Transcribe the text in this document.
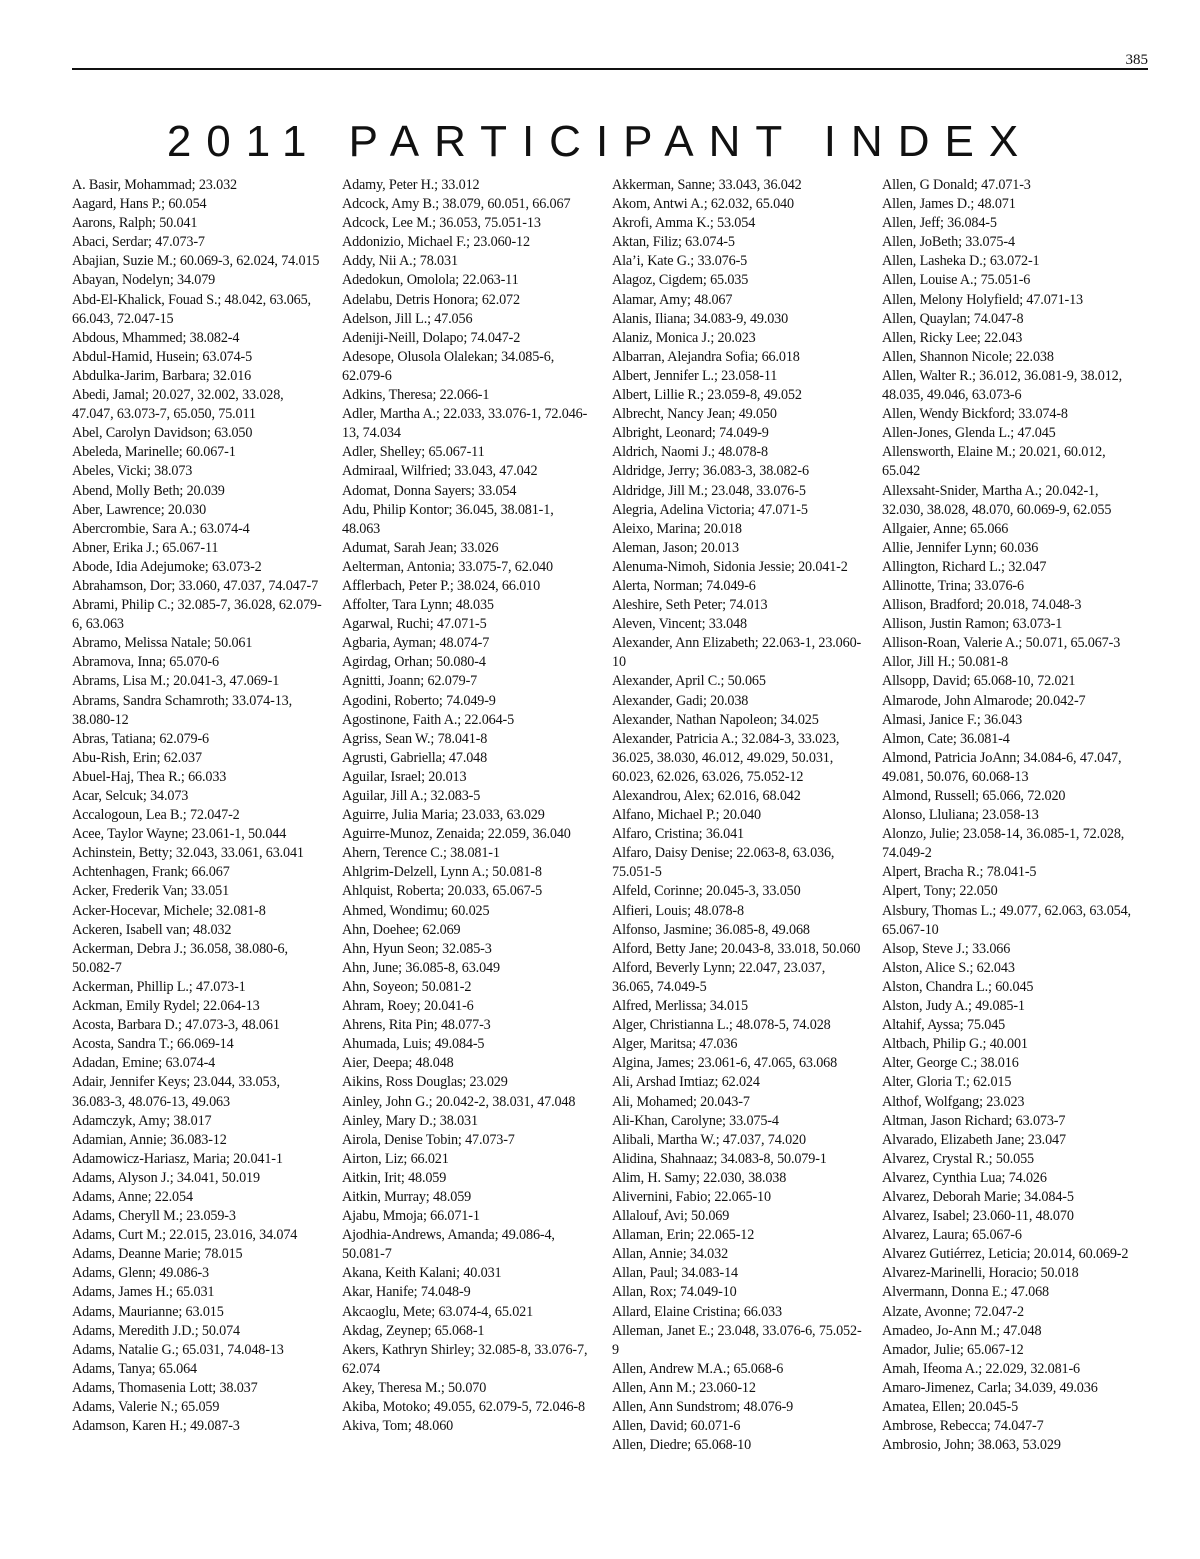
385
2011 PARTICIPANT INDEX

A. Basir, Mohammad; 23.032

Aagard, Hans P.; 60.054

Aarons, Ralph; 50.041

Abaci, Serdar; 47.073-7

Abajian, Suzie M.; 60.069-3, 62.024, 74.015

Abayan, Nodelyn; 34.079

Abd-El-Khalick, Fouad S.; 48.042, 63.065, 66.043, 72.047-15

Abdous, Mhammed; 38.082-4

Abdul-Hamid, Husein; 63.074-5

Abdulka-Jarim, Barbara; 32.016

Abedi, Jamal; 20.027, 32.002, 33.028, 47.047, 63.073-7, 65.050, 75.011

Abel, Carolyn Davidson; 63.050

Abeleda, Marinelle; 60.067-1

Abeles, Vicki; 38.073

Abend, Molly Beth; 20.039

Aber, Lawrence; 20.030

Abercrombie, Sara A.; 63.074-4

Abner, Erika J.; 65.067-11

Abode, Idia Adejumoke; 63.073-2

Abrahamson, Dor; 33.060, 47.037, 74.047-7

Abrami, Philip C.; 32.085-7, 36.028, 62.079-6, 63.063

Abramo, Melissa Natale; 50.061

Abramova, Inna; 65.070-6

Abrams, Lisa M.; 20.041-3, 47.069-1

Abrams, Sandra Schamroth; 33.074-13, 38.080-12

Abras, Tatiana; 62.079-6

Abu-Rish, Erin; 62.037

Abuel-Haj, Thea R.; 66.033

Acar, Selcuk; 34.073

Accalogoun, Lea B.; 72.047-2

Acee, Taylor Wayne; 23.061-1, 50.044

Achinstein, Betty; 32.043, 33.061, 63.041

Achtenhagen, Frank; 66.067

Acker, Frederik Van; 33.051

Acker-Hocevar, Michele; 32.081-8

Ackeren, Isabell van; 48.032

Ackerman, Debra J.; 36.058, 38.080-6, 50.082-7

Ackerman, Phillip L.; 47.073-1

Ackman, Emily Rydel; 22.064-13

Acosta, Barbara D.; 47.073-3, 48.061

Acosta, Sandra T.; 66.069-14

Adadan, Emine; 63.074-4

Adair, Jennifer Keys; 23.044, 33.053, 36.083-3, 48.076-13, 49.063

Adamczyk, Amy; 38.017

Adamian, Annie; 36.083-12

Adamowicz-Hariasz, Maria; 20.041-1

Adams, Alyson J.; 34.041, 50.019

Adams, Anne; 22.054

Adams, Cheryll M.; 23.059-3

Adams, Curt M.; 22.015, 23.016, 34.074

Adams, Deanne Marie; 78.015

Adams, Glenn; 49.086-3

Adams, James H.; 65.031

Adams, Maurianne; 63.015

Adams, Meredith J.D.; 50.074

Adams, Natalie G.; 65.031, 74.048-13

Adams, Tanya; 65.064

Adams, Thomasenia Lott; 38.037

Adams, Valerie N.; 65.059

Adamson, Karen H.; 49.087-3

Adamy, Peter H.; 33.012

Adcock, Amy B.; 38.079, 60.051, 66.067

Adcock, Lee M.; 36.053, 75.051-13

Addonizio, Michael F.; 23.060-12

Addy, Nii A.; 78.031

Adedokun, Omolola; 22.063-11

Adelabu, Detris Honora; 62.072

Adelson, Jill L.; 47.056

Adeniji-Neill, Dolapo; 74.047-2

Adesope, Olusola Olalekan; 34.085-6, 62.079-6

Adkins, Theresa; 22.066-1

Adler, Martha A.; 22.033, 33.076-1, 72.046-13, 74.034

Adler, Shelley; 65.067-11

Admiraal, Wilfried; 33.043, 47.042

Adomat, Donna Sayers; 33.054

Adu, Philip Kontor; 36.045, 38.081-1, 48.063

Adumat, Sarah Jean; 33.026

Aelterman, Antonia; 33.075-7, 62.040

Afflerbach, Peter P.; 38.024, 66.010

Affolter, Tara Lynn; 48.035

Agarwal, Ruchi; 47.071-5

Agbaria, Ayman; 48.074-7

Agirdag, Orhan; 50.080-4

Agnitti, Joann; 62.079-7

Agodini, Roberto; 74.049-9

Agostinone, Faith A.; 22.064-5

Agriss, Sean W.; 78.041-8

Agrusti, Gabriella; 47.048

Aguilar, Israel; 20.013

Aguilar, Jill A.; 32.083-5

Aguirre, Julia Maria; 23.033, 63.029

Aguirre-Munoz, Zenaida; 22.059, 36.040

Ahern, Terence C.; 38.081-1

Ahlgrim-Delzell, Lynn A.; 50.081-8

Ahlquist, Roberta; 20.033, 65.067-5

Ahmed, Wondimu; 60.025

Ahn, Doehee; 62.069

Ahn, Hyun Seon; 32.085-3

Ahn, June; 36.085-8, 63.049

Ahn, Soyeon; 50.081-2

Ahram, Roey; 20.041-6

Ahrens, Rita Pin; 48.077-3

Ahumada, Luis; 49.084-5

Aier, Deepa; 48.048

Aikins, Ross Douglas; 23.029

Ainley, John G.; 20.042-2, 38.031, 47.048

Ainley, Mary D.; 38.031

Airola, Denise Tobin; 47.073-7

Airton, Liz; 66.021

Aitkin, Irit; 48.059

Aitkin, Murray; 48.059

Ajabu, Mmoja; 66.071-1

Ajodhia-Andrews, Amanda; 49.086-4, 50.081-7

Akana, Keith Kalani; 40.031

Akar, Hanife; 74.048-9

Akcaoglu, Mete; 63.074-4, 65.021

Akdag, Zeynep; 65.068-1

Akers, Kathryn Shirley; 32.085-8, 33.076-7, 62.074

Akey, Theresa M.; 50.070

Akiba, Motoko; 49.055, 62.079-5, 72.046-8

Akiva, Tom; 48.060

Akkerman, Sanne; 33.043, 36.042

Akom, Antwi A.; 62.032, 65.040

Akrofi, Amma K.; 53.054

Aktan, Filiz; 63.074-5

Ala’i, Kate G.; 33.076-5

Alagoz, Cigdem; 65.035

Alamar, Amy; 48.067

Alanis, Iliana; 34.083-9, 49.030

Alaniz, Monica J.; 20.023

Albarran, Alejandra Sofia; 66.018

Albert, Jennifer L.; 23.058-11

Albert, Lillie R.; 23.059-8, 49.052

Albrecht, Nancy Jean; 49.050

Albright, Leonard; 74.049-9

Aldrich, Naomi J.; 48.078-8

Aldridge, Jerry; 36.083-3, 38.082-6

Aldridge, Jill M.; 23.048, 33.076-5

Alegria, Adelina Victoria; 47.071-5

Aleixo, Marina; 20.018

Aleman, Jason; 20.013

Alenuma-Nimoh, Sidonia Jessie; 20.041-2

Alerta, Norman; 74.049-6

Aleshire, Seth Peter; 74.013

Aleven, Vincent; 33.048

Alexander, Ann Elizabeth; 22.063-1, 23.060-10

Alexander, April C.; 50.065

Alexander, Gadi; 20.038

Alexander, Nathan Napoleon; 34.025

Alexander, Patricia A.; 32.084-3, 33.023, 36.025, 38.030, 46.012, 49.029, 50.031, 60.023, 62.026, 63.026, 75.052-12

Alexandrou, Alex; 62.016, 68.042

Alfano, Michael P.; 20.040

Alfaro, Cristina; 36.041

Alfaro, Daisy Denise; 22.063-8, 63.036, 75.051-5

Alfeld, Corinne; 20.045-3, 33.050

Alfieri, Louis; 48.078-8

Alfonso, Jasmine; 36.085-8, 49.068

Alford, Betty Jane; 20.043-8, 33.018, 50.060

Alford, Beverly Lynn; 22.047, 23.037, 36.065, 74.049-5

Alfred, Merlissa; 34.015

Alger, Christianna L.; 48.078-5, 74.028

Alger, Maritsa; 47.036

Algina, James; 23.061-6, 47.065, 63.068

Ali, Arshad Imtiaz; 62.024

Ali, Mohamed; 20.043-7

Ali-Khan, Carolyne; 33.075-4

Alibali, Martha W.; 47.037, 74.020

Alidina, Shahnaaz; 34.083-8, 50.079-1

Alim, H. Samy; 22.030, 38.038

Alivernini, Fabio; 22.065-10

Allalouf, Avi; 50.069

Allaman, Erin; 22.065-12

Allan, Annie; 34.032

Allan, Paul; 34.083-14

Allan, Rox; 74.049-10

Allard, Elaine Cristina; 66.033

Alleman, Janet E.; 23.048, 33.076-6, 75.052-9

Allen, Andrew M.A.; 65.068-6

Allen, Ann M.; 23.060-12

Allen, Ann Sundstrom; 48.076-9

Allen, David; 60.071-6

Allen, Diedre; 65.068-10

Allen, G Donald; 47.071-3

Allen, James D.; 48.071

Allen, Jeff; 36.084-5

Allen, JoBeth; 33.075-4

Allen, Lasheka D.; 63.072-1

Allen, Louise A.; 75.051-6

Allen, Melony Holyfield; 47.071-13

Allen, Quaylan; 74.047-8

Allen, Ricky Lee; 22.043

Allen, Shannon Nicole; 22.038

Allen, Walter R.; 36.012, 36.081-9, 38.012, 48.035, 49.046, 63.073-6

Allen, Wendy Bickford; 33.074-8

Allen-Jones, Glenda L.; 47.045

Allensworth, Elaine M.; 20.021, 60.012, 65.042

Allexsaht-Snider, Martha A.; 20.042-1, 32.030, 38.028, 48.070, 60.069-9, 62.055

Allgaier, Anne; 65.066

Allie, Jennifer Lynn; 60.036

Allington, Richard L.; 32.047

Allinotte, Trina; 33.076-6

Allison, Bradford; 20.018, 74.048-3

Allison, Justin Ramon; 63.073-1

Allison-Roan, Valerie A.; 50.071, 65.067-3

Allor, Jill H.; 50.081-8

Allsopp, David; 65.068-10, 72.021

Almarode, John Almarode; 20.042-7

Almasi, Janice F.; 36.043

Almon, Cate; 36.081-4

Almond, Patricia JoAnn; 34.084-6, 47.047, 49.081, 50.076, 60.068-13

Almond, Russell; 65.066, 72.020

Alonso, Lluliana; 23.058-13

Alonzo, Julie; 23.058-14, 36.085-1, 72.028, 74.049-2

Alpert, Bracha R.; 78.041-5

Alpert, Tony; 22.050

Alsbury, Thomas L.; 49.077, 62.063, 63.054, 65.067-10

Alsop, Steve J.; 33.066

Alston, Alice S.; 62.043

Alston, Chandra L.; 60.045

Alston, Judy A.; 49.085-1

Altahif, Ayssa; 75.045

Altbach, Philip G.; 40.001

Alter, George C.; 38.016

Alter, Gloria T.; 62.015

Althof, Wolfgang; 23.023

Altman, Jason Richard; 63.073-7

Alvarado, Elizabeth Jane; 23.047

Alvarez, Crystal R.; 50.055

Alvarez, Cynthia Lua; 74.026

Alvarez, Deborah Marie; 34.084-5

Alvarez, Isabel; 23.060-11, 48.070

Alvarez, Laura; 65.067-6

Alvarez Gutiérrez, Leticia; 20.014, 60.069-2

Alvarez-Marinelli, Horacio; 50.018

Alvermann, Donna E.; 47.068

Alzate, Avonne; 72.047-2

Amadeo, Jo-Ann M.; 47.048

Amador, Julie; 65.067-12

Amah, Ifeoma A.; 22.029, 32.081-6

Amaro-Jimenez, Carla; 34.039, 49.036

Amatea, Ellen; 20.045-5

Ambrose, Rebecca; 74.047-7

Ambrosio, John; 38.063, 53.029
